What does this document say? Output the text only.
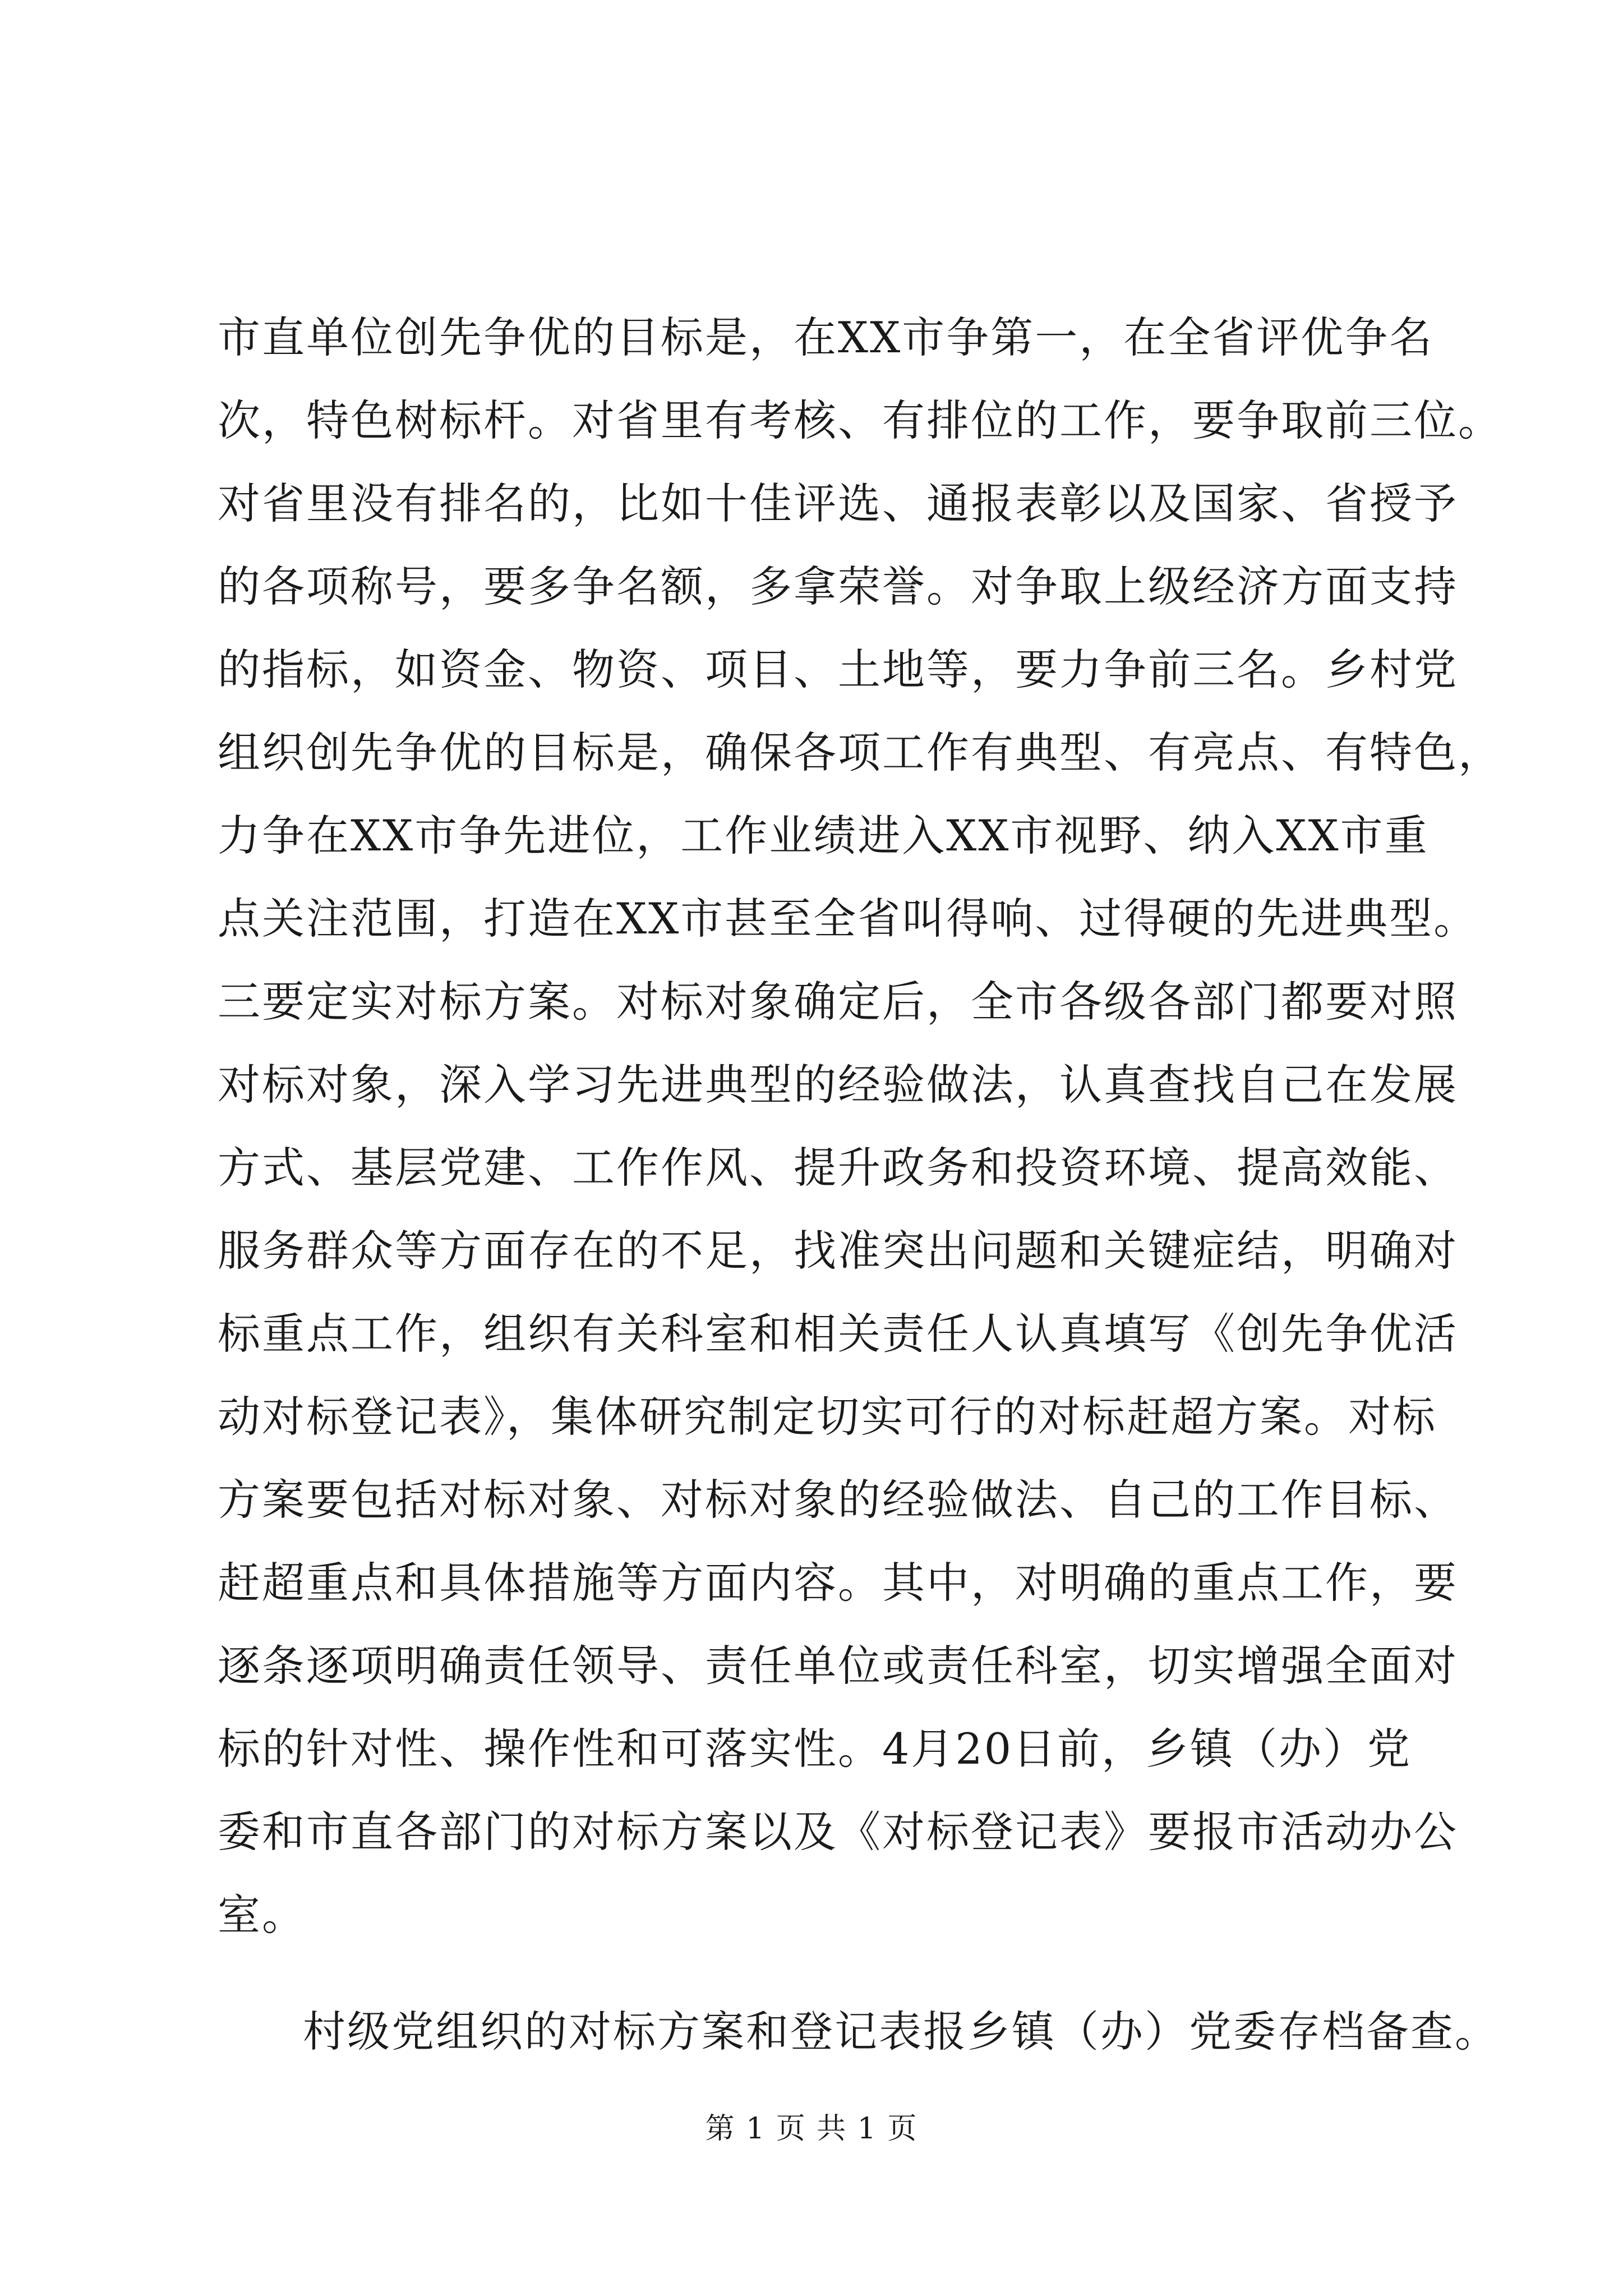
市直单位创先争优的目标是，在XX市争第一，在全省评优争名
次，特色树标杆。对省里有考核、有排位的工作，要争取前三位。
对省里没有排名的，比如十佳评选、通报表彰以及国家、省授予
的各项称号，要多争名额，多拿荣誉。对争取上级经济方面支持
的指标，如资金、物资、项目、土地等，要力争前三名。乡村党
组织创先争优的目标是，确保各项工作有典型、有亮点、有特色，
力争在XX市争先进位，工作业绩进入XX市视野、纳入XX市重
点关注范围，打造在XX市甚至全省叫得响、过得硬的先进典型。
三要定实对标方案。对标对象确定后，全市各级各部门都要对照
对标对象，深入学习先进典型的经验做法，认真查找自己在发展
方式、基层党建、工作作风、提升政务和投资环境、提高效能、
服务群众等方面存在的不足，找准突出问题和关键症结，明确对
标重点工作，组织有关科室和相关责任人认真填写《创先争优活
动对标登记表》，集体研究制定切实可行的对标赶超方案。对标
方案要包括对标对象、对标对象的经验做法、自己的工作目标、
赶超重点和具体措施等方面内容。其中，对明确的重点工作，要
逐条逐项明确责任领导、责任单位或责任科室，切实增强全面对
标的针对性、操作性和可落实性。4月20日前，乡镇（办）党
委和市直各部门的对标方案以及《对标登记表》要报市活动办公
室。
村级党组织的对标方案和登记表报乡镇（办）党委存档备查。
第 1 页 共 1 页
